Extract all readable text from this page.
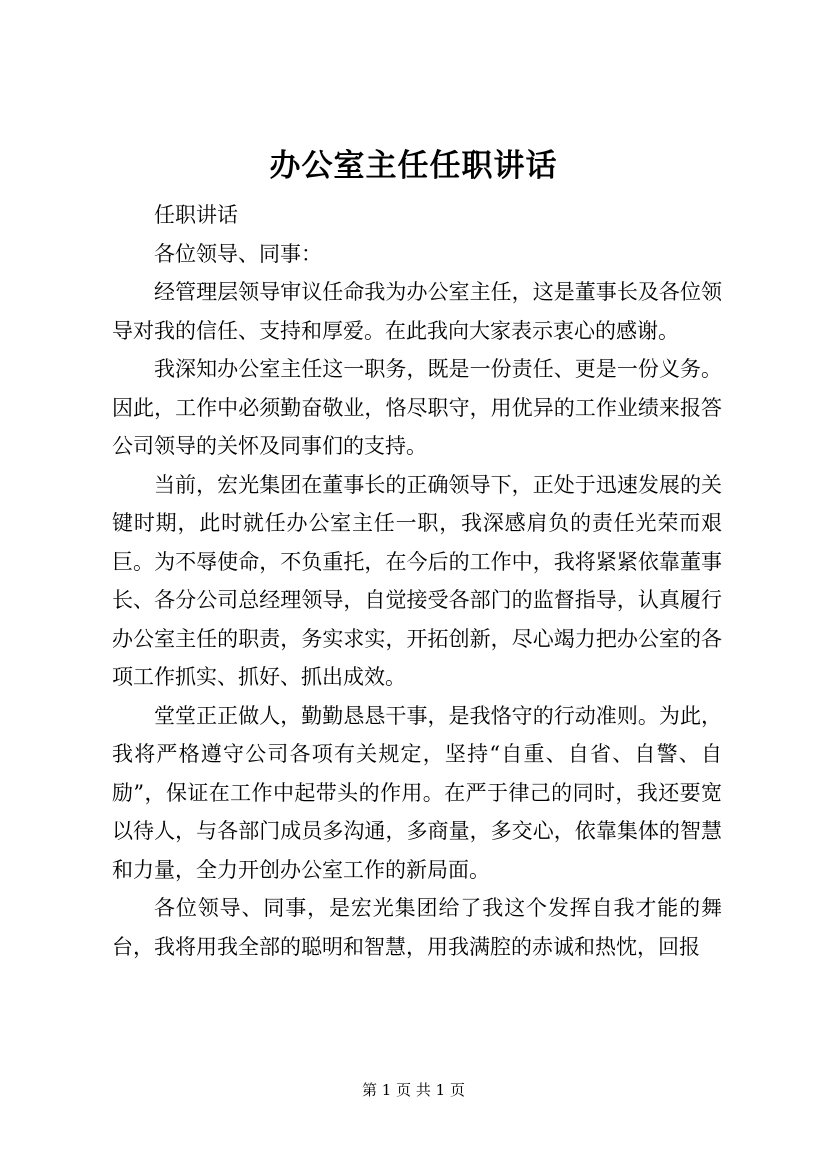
办公室主任任职讲话

任职讲话

各位领导、同事：

经管理层领导审议任命我为办公室主任，这是董事长及各位领导对我的信任、支持和厚爱。在此我向大家表示衷心的感谢。

我深知办公室主任这一职务，既是一份责任、更是一份义务。因此，工作中必须勤奋敬业，恪尽职守，用优异的工作业绩来报答公司领导的关怀及同事们的支持。

当前，宏光集团在董事长的正确领导下，正处于迅速发展的关键时期，此时就任办公室主任一职，我深感肩负的责任光荣而艰巨。为不辱使命，不负重托，在今后的工作中，我将紧紧依靠董事长、各分公司总经理领导，自觉接受各部门的监督指导，认真履行办公室主任的职责，务实求实，开拓创新，尽心竭力把办公室的各项工作抓实、抓好、抓出成效。

堂堂正正做人，勤勤恳恳干事，是我恪守的行动准则。为此，我将严格遵守公司各项有关规定，坚持“自重、自省、自警、自励”，保证在工作中起带头的作用。在严于律己的同时，我还要宽以待人，与各部门成员多沟通，多商量，多交心，依靠集体的智慧和力量，全力开创办公室工作的新局面。

各位领导、同事，是宏光集团给了我这个发挥自我才能的舞台，我将用我全部的聪明和智慧，用我满腔的赤诚和热忱，回报

第 1 页 共 1 页
